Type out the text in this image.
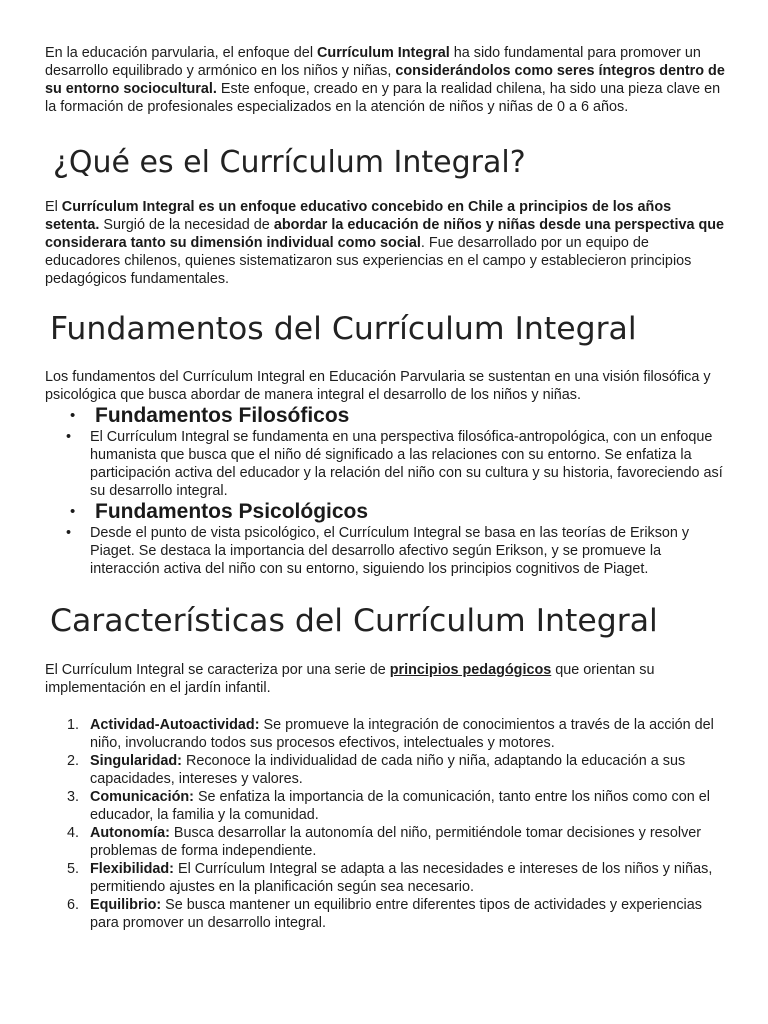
En la educación parvularia, el enfoque del Currículum Integral ha sido fundamental para promover un desarrollo equilibrado y armónico en los niños y niñas, considerándolos como seres íntegros dentro de su entorno sociocultural. Este enfoque, creado en y para la realidad chilena, ha sido una pieza clave en la formación de profesionales especializados en la atención de niños y niñas de 0 a 6 años.

¿Qué es el Currículum Integral?

El Currículum Integral es un enfoque educativo concebido en Chile a principios de los años setenta. Surgió de la necesidad de abordar la educación de niños y niñas desde una perspectiva que considerara tanto su dimensión individual como social. Fue desarrollado por un equipo de educadores chilenos, quienes sistematizaron sus experiencias en el campo y establecieron principios pedagógicos fundamentales.

Fundamentos del Currículum Integral

Los fundamentos del Currículum Integral en Educación Parvularia se sustentan en una visión filosófica y psicológica que busca abordar de manera integral el desarrollo de los niños y niñas.

• Fundamentos Filosóficos
• El Currículum Integral se fundamenta en una perspectiva filosófica-antropológica, con un enfoque humanista que busca que el niño dé significado a las relaciones con su entorno. Se enfatiza la participación activa del educador y la relación del niño con su cultura y su historia, favoreciendo así su desarrollo integral.
• Fundamentos Psicológicos
• Desde el punto de vista psicológico, el Currículum Integral se basa en las teorías de Erikson y Piaget. Se destaca la importancia del desarrollo afectivo según Erikson, y se promueve la interacción activa del niño con su entorno, siguiendo los principios cognitivos de Piaget.
Características del Currículum Integral

El Currículum Integral se caracteriza por una serie de principios pedagógicos que orientan su implementación en el jardín infantil.

1. Actividad-Autoactividad: Se promueve la integración de conocimientos a través de la acción del niño, involucrando todos sus procesos efectivos, intelectuales y motores.
2. Singularidad: Reconoce la individualidad de cada niño y niña, adaptando la educación a sus capacidades, intereses y valores.
3. Comunicación: Se enfatiza la importancia de la comunicación, tanto entre los niños como con el educador, la familia y la comunidad.
4. Autonomía: Busca desarrollar la autonomía del niño, permitiéndole tomar decisiones y resolver problemas de forma independiente.
5. Flexibilidad: El Currículum Integral se adapta a las necesidades e intereses de los niños y niñas, permitiendo ajustes en la planificación según sea necesario.
6. Equilibrio: Se busca mantener un equilibrio entre diferentes tipos de actividades y experiencias para promover un desarrollo integral.
